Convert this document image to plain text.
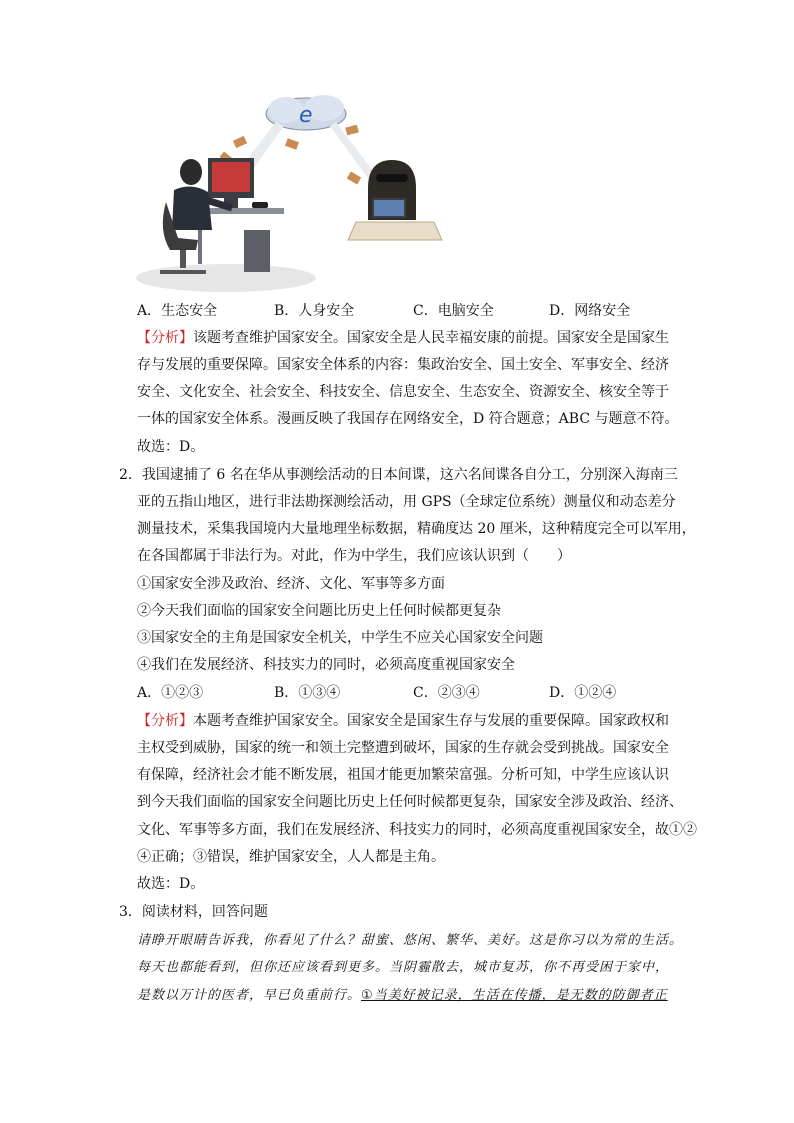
e
A．生态安全	B．人身安全	C．电脑安全	D．网络安全
【分析】该题考查维护国家安全。国家安全是人民幸福安康的前提。国家安全是国家生
存与发展的重要保障。国家安全体系的内容：集政治安全、国土安全、军事安全、经济
安全、文化安全、社会安全、科技安全、信息安全、生态安全、资源安全、核安全等于
一体的国家安全体系。漫画反映了我国存在网络安全，D 符合题意；ABC 与题意不符。
故选：D。
2．我国逮捕了 6 名在华从事测绘活动的日本间谍，这六名间谍各自分工，分别深入海南三
亚的五指山地区，进行非法勘探测绘活动，用 GPS（全球定位系统）测量仪和动态差分
测量技术，采集我国境内大量地理坐标数据，精确度达 20 厘米，这种精度完全可以军用，
在各国都属于非法行为。对此，作为中学生，我们应该认识到（　　）
①国家安全涉及政治、经济、文化、军事等多方面
②今天我们面临的国家安全问题比历史上任何时候都更复杂
③国家安全的主角是国家安全机关，中学生不应关心国家安全问题
④我们在发展经济、科技实力的同时，必须高度重视国家安全
A．①②③	B．①③④	C．②③④	D．①②④
【分析】本题考查维护国家安全。国家安全是国家生存与发展的重要保障。国家政权和
主权受到威胁，国家的统一和领土完整遭到破坏，国家的生存就会受到挑战。国家安全
有保障，经济社会才能不断发展，祖国才能更加繁荣富强。分析可知，中学生应该认识
到今天我们面临的国家安全问题比历史上任何时候都更复杂，国家安全涉及政治、经济、
文化、军事等多方面，我们在发展经济、科技实力的同时，必须高度重视国家安全，故①②
④正确；③错误，维护国家安全，人人都是主角。
故选：D。
3．阅读材料，回答问题
请睁开眼睛告诉我，你看见了什么？甜蜜、悠闲、繁华、美好。这是你习以为常的生活。
每天也都能看到，但你还应该看到更多。当阴霾散去，城市复苏，你不再受困于家中，
是数以万计的医者，早已负重前行。①当美好被记录，生活在传播，是无数的防御者正
